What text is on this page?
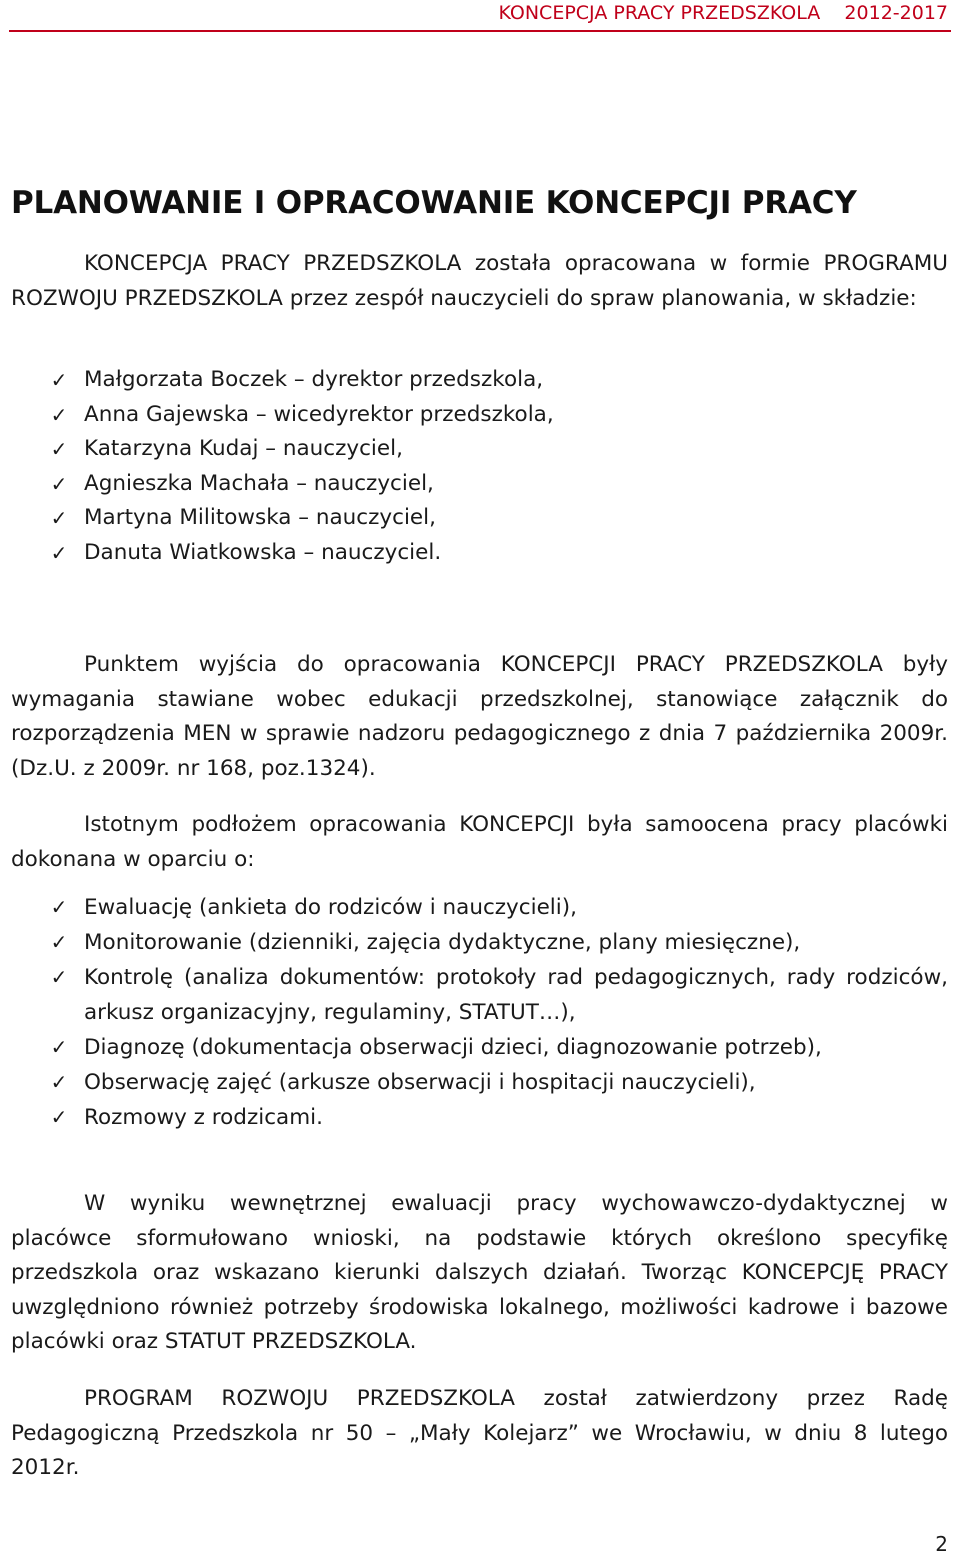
KONCEPCJA PRACY PRZEDSZKOLA    2012-2017
PLANOWANIE I OPRACOWANIE KONCEPCJI PRACY

KONCEPCJA PRACY PRZEDSZKOLA została opracowana w formie PROGRAMU ROZWOJU PRZEDSZKOLA przez zespół nauczycieli do spraw planowania, w składzie:

✓ Małgorzata Boczek – dyrektor przedszkola,
✓ Anna Gajewska – wicedyrektor przedszkola,
✓ Katarzyna Kudaj – nauczyciel,
✓ Agnieszka Machała – nauczyciel,
✓ Martyna Militowska – nauczyciel,
✓ Danuta Wiatkowska – nauczyciel.

Punktem wyjścia do opracowania KONCEPCJI PRACY PRZEDSZKOLA były wymagania stawiane wobec edukacji przedszkolnej, stanowiące załącznik do rozporządzenia MEN w sprawie nadzoru pedagogicznego z dnia 7 października 2009r. (Dz.U. z 2009r. nr 168, poz.1324).

Istotnym podłożem opracowania KONCEPCJI była samoocena pracy placówki dokonana w oparciu o:

✓ Ewaluację (ankieta do rodziców i nauczycieli),
✓ Monitorowanie (dzienniki, zajęcia dydaktyczne, plany miesięczne),
✓ Kontrolę (analiza dokumentów: protokoły rad pedagogicznych, rady rodziców, arkusz organizacyjny, regulaminy, STATUT…),
✓ Diagnozę (dokumentacja obserwacji dzieci, diagnozowanie potrzeb),
✓ Obserwację zajęć (arkusze obserwacji i hospitacji nauczycieli),
✓ Rozmowy z rodzicami.

W wyniku wewnętrznej ewaluacji pracy wychowawczo-dydaktycznej w placówce sformułowano wnioski, na podstawie których określono specyfikę przedszkola oraz wskazano kierunki dalszych działań. Tworząc KONCEPCJĘ PRACY uwzględniono również potrzeby środowiska lokalnego, możliwości kadrowe i bazowe placówki oraz STATUT PRZEDSZKOLA.

PROGRAM ROZWOJU PRZEDSZKOLA został zatwierdzony przez Radę Pedagogiczną Przedszkola nr 50 – „Mały Kolejarz” we Wrocławiu, w dniu 8 lutego 2012r.

2
